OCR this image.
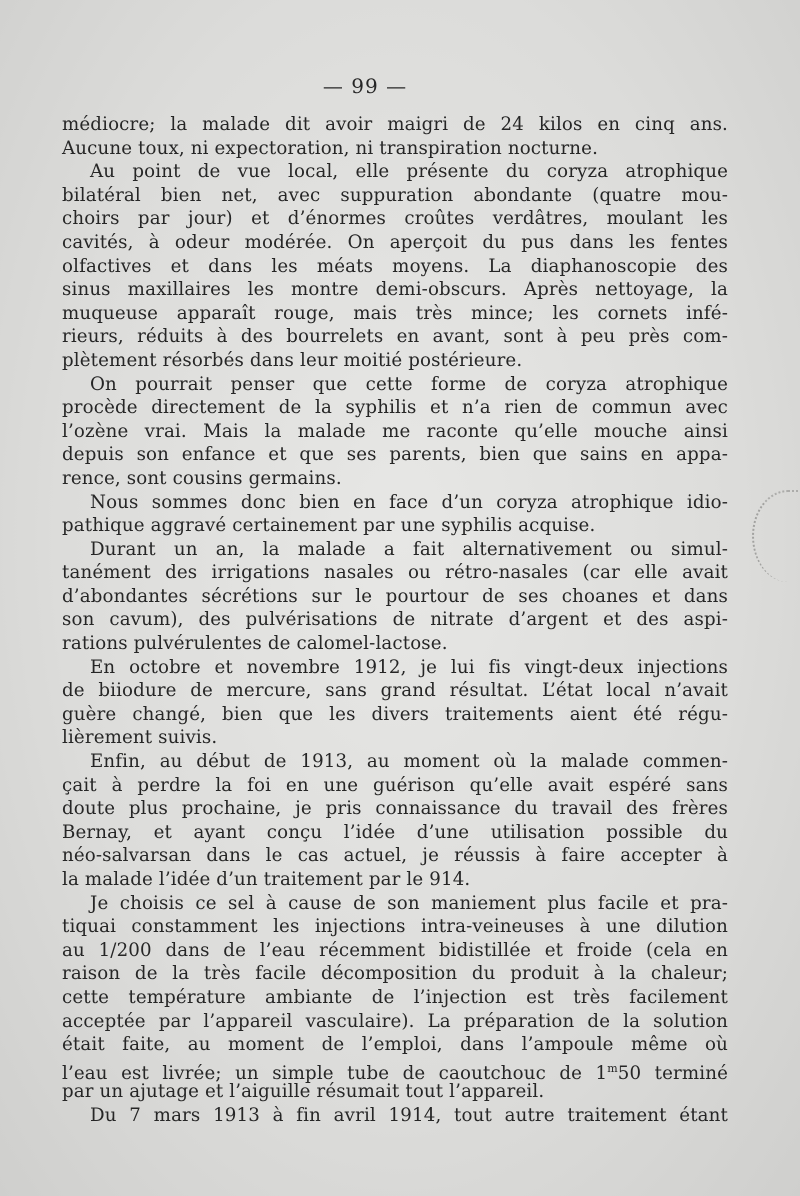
— 99 —
médiocre; la malade dit avoir maigri de 24 kilos en cinq ans.
Aucune toux, ni expectoration, ni transpiration nocturne.
Au point de vue local, elle présente du coryza atrophique
bilatéral bien net, avec suppuration abondante (quatre mou-
choirs par jour) et d’énormes croûtes verdâtres, moulant les
cavités, à odeur modérée. On aperçoit du pus dans les fentes
olfactives et dans les méats moyens. La diaphanoscopie des
sinus maxillaires les montre demi-obscurs. Après nettoyage, la
muqueuse apparaît rouge, mais très mince; les cornets infé-
rieurs, réduits à des bourrelets en avant, sont à peu près com-
plètement résorbés dans leur moitié postérieure.
On pourrait penser que cette forme de coryza atrophique
procède directement de la syphilis et n’a rien de commun avec
l’ozène vrai. Mais la malade me raconte qu’elle mouche ainsi
depuis son enfance et que ses parents, bien que sains en appa-
rence, sont cousins germains.
Nous sommes donc bien en face d’un coryza atrophique idio-
pathique aggravé certainement par une syphilis acquise.
Durant un an, la malade a fait alternativement ou simul-
tanément des irrigations nasales ou rétro-nasales (car elle avait
d’abondantes sécrétions sur le pourtour de ses choanes et dans
son cavum), des pulvérisations de nitrate d’argent et des aspi-
rations pulvérulentes de calomel-lactose.
En octobre et novembre 1912, je lui fis vingt-deux injections
de biiodure de mercure, sans grand résultat. L’état local n’avait
guère changé, bien que les divers traitements aient été régu-
lièrement suivis.
Enfin, au début de 1913, au moment où la malade commen-
çait à perdre la foi en une guérison qu’elle avait espéré sans
doute plus prochaine, je pris connaissance du travail des frères
Bernay, et ayant conçu l’idée d’une utilisation possible du
néo-salvarsan dans le cas actuel, je réussis à faire accepter à
la malade l’idée d’un traitement par le 914.
Je choisis ce sel à cause de son maniement plus facile et pra-
tiquai constamment les injections intra-veineuses à une dilution
au 1/200 dans de l’eau récemment bidistillée et froide (cela en
raison de la très facile décomposition du produit à la chaleur;
cette température ambiante de l’injection est très facilement
acceptée par l’appareil vasculaire). La préparation de la solution
était faite, au moment de l’emploi, dans l’ampoule même où
l’eau est livrée; un simple tube de caoutchouc de 1$^m$50 terminé
par un ajutage et l’aiguille résumait tout l’appareil.
Du 7 mars 1913 à fin avril 1914, tout autre traitement étant
